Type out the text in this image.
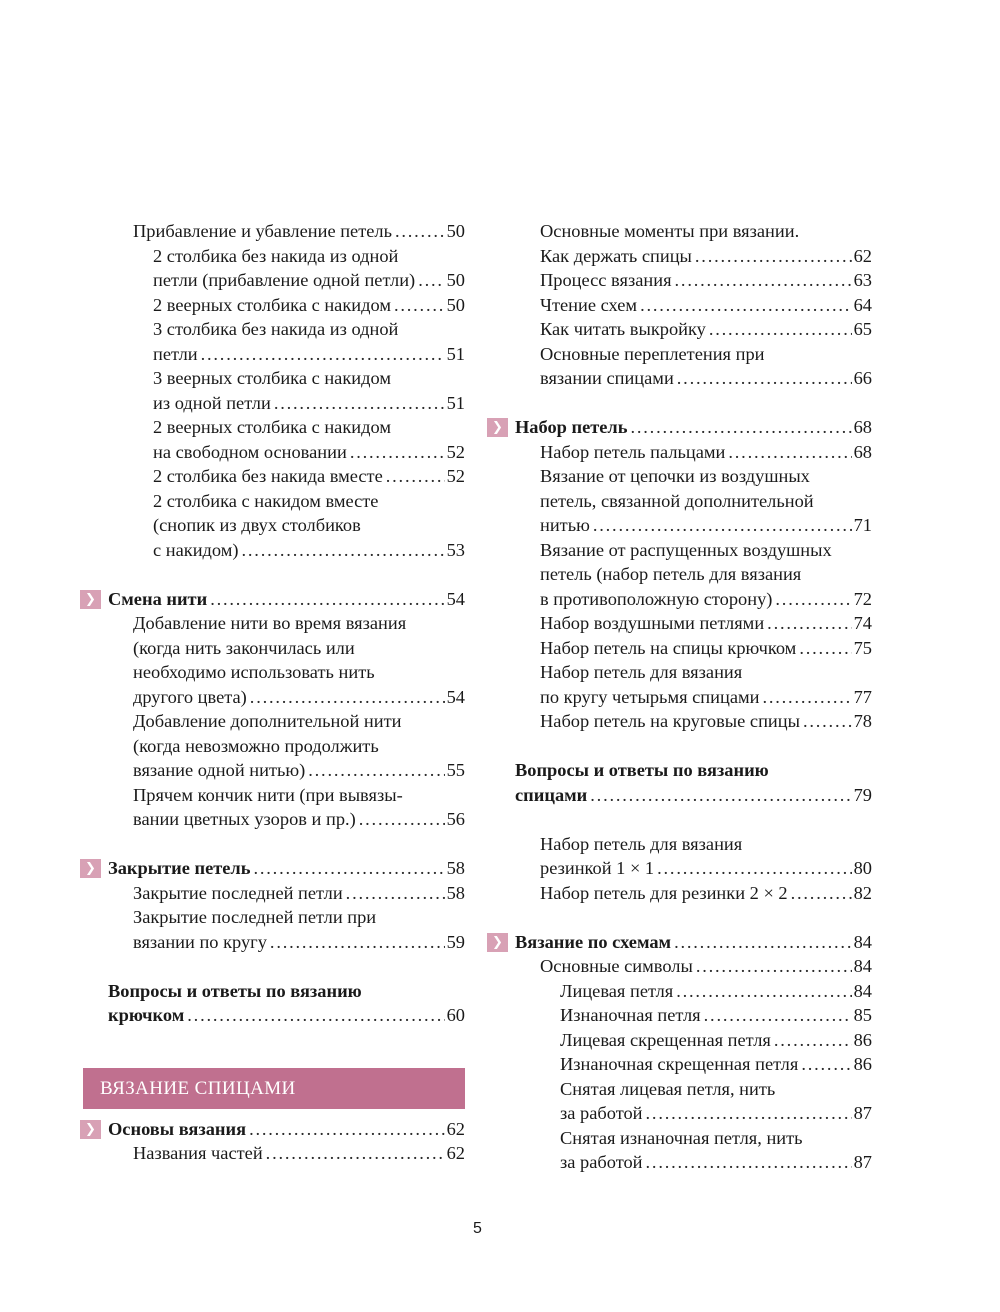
Прибавление и убавление петель .....	50
2 столбика без накида из одной
петли (прибавление одной петли) ..... 50
2 веерных столбика с накидом .....	50
3 столбика без накида из одной
петли .....	51
3 веерных столбика с накидом
из одной петли .....	51
2 веерных столбика с накидом
на свободном основании .....	52
2 столбика без накида вместе .....	52
2 столбика с накидом вместе
(снопик из двух столбиков
с накидом) .....	53
❯ Смена нити .....	54
Добавление нити во время вязания
(когда нить закончилась или
необходимо использовать нить
другого цвета) .....	54
Добавление дополнительной нити
(когда невозможно продолжить
вязание одной нитью) .....	55
Прячем кончик нити (при вывязы-
вании цветных узоров и пр.) .....	56
❯ Закрытие петель .....	58
Закрытие последней петли .....	58
Закрытие последней петли при
вязании по кругу .....	59
Вопросы и ответы по вязанию
крючком .....	60
ВЯЗАНИЕ СПИЦАМИ
❯ Основы вязания .....	62
Названия частей .....	62
Основные моменты при вязании.
Как держать спицы .....	62
Процесс вязания .....	63
Чтение схем .....	64
Как читать выкройку .....	65
Основные переплетения при
вязании спицами .....	66
❯ Набор петель .....	68
Набор петель пальцами .....	68
Вязание от цепочки из воздушных
петель, связанной дополнительной
нитью .....	71
Вязание от распущенных воздушных
петель (набор петель для вязания
в противоположную сторону) .....	72
Набор воздушными петлями .....	74
Набор петель на спицы крючком .....	75
Набор петель для вязания
по кругу четырьмя спицами .....	77
Набор петель на круговые спицы .....	78
Вопросы и ответы по вязанию
спицами .....	79
Набор петель для вязания
резинкой 1 × 1 .....	80
Набор петель для резинки 2 × 2 .....	82
❯ Вязание по схемам .....	84
Основные символы .....	84
Лицевая петля .....	84
Изнаночная петля .....	85
Лицевая скрещенная петля .....	86
Изнаночная скрещенная петля .....	86
Снятая лицевая петля, нить
за работой .....	87
Снятая изнаночная петля, нить
за работой .....	87
5
